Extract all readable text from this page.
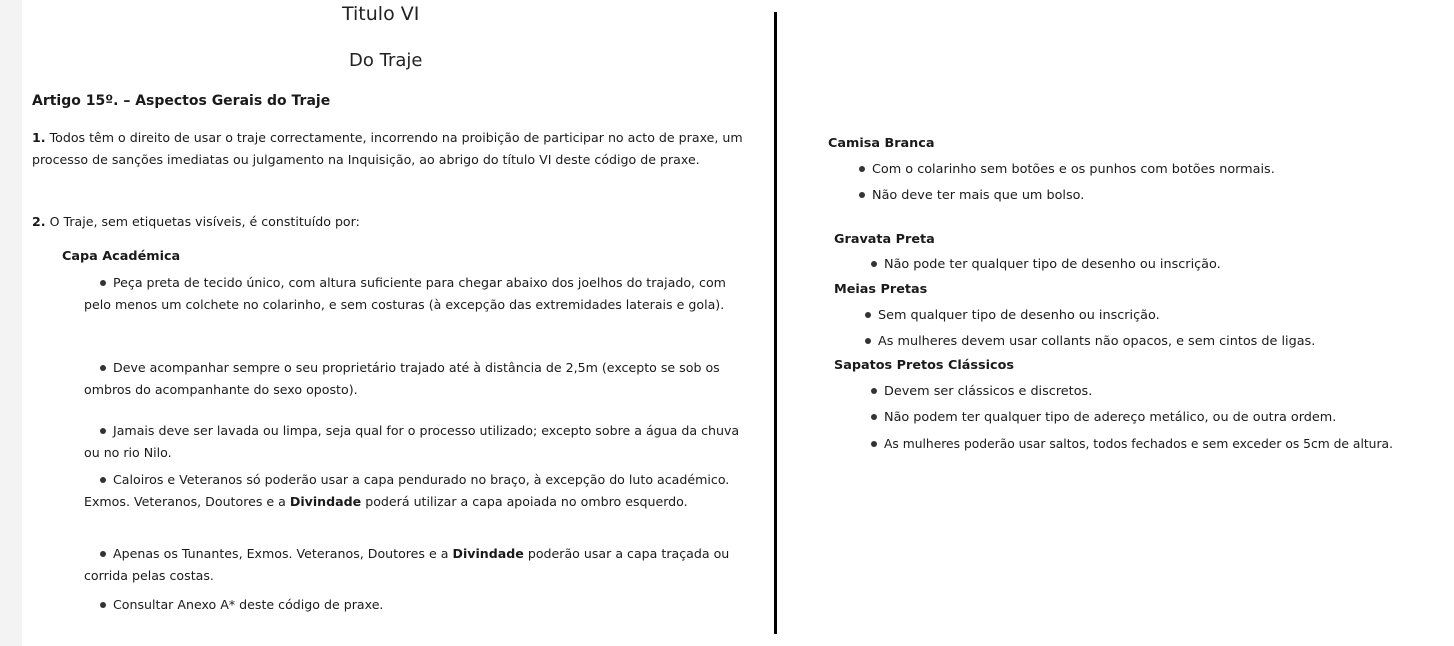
Titulo VI
Do Traje
Artigo 15º. – Aspectos Gerais do Traje
1. Todos têm o direito de usar o traje correctamente, incorrendo na proibição de participar no acto de praxe, um processo de sanções imediatas ou julgamento na Inquisição, ao abrigo do título VI deste código de praxe.
2. O Traje, sem etiquetas visíveis, é constituído por:
Capa Académica
Peça preta de tecido único, com altura suficiente para chegar abaixo dos joelhos do trajado, com pelo menos um colchete no colarinho, e sem costuras (à excepção das extremidades laterais e gola).
Deve acompanhar sempre o seu proprietário trajado até à distância de 2,5m (excepto se sob os ombros do acompanhante do sexo oposto).
Jamais deve ser lavada ou limpa, seja qual for o processo utilizado; excepto sobre a água da chuva ou no rio Nilo.
Caloiros e Veteranos só poderão usar a capa pendurado no braço, à excepção do luto académico. Exmos. Veteranos, Doutores e a Divindade poderá utilizar a capa apoiada no ombro esquerdo.
Apenas os Tunantes, Exmos. Veteranos, Doutores e a Divindade poderão usar a capa traçada ou corrida pelas costas.
Consultar Anexo A* deste código de praxe.
Camisa Branca
Com o colarinho sem botões e os punhos com botões normais.
Não deve ter mais que um bolso.
Gravata Preta
Não pode ter qualquer tipo de desenho ou inscrição.
Meias Pretas
Sem qualquer tipo de desenho ou inscrição.
As mulheres devem usar collants não opacos, e sem cintos de ligas.
Sapatos Pretos Clássicos
Devem ser clássicos e discretos.
Não podem ter qualquer tipo de adereço metálico, ou de outra ordem.
As mulheres poderão usar saltos, todos fechados e sem exceder os 5cm de altura.
